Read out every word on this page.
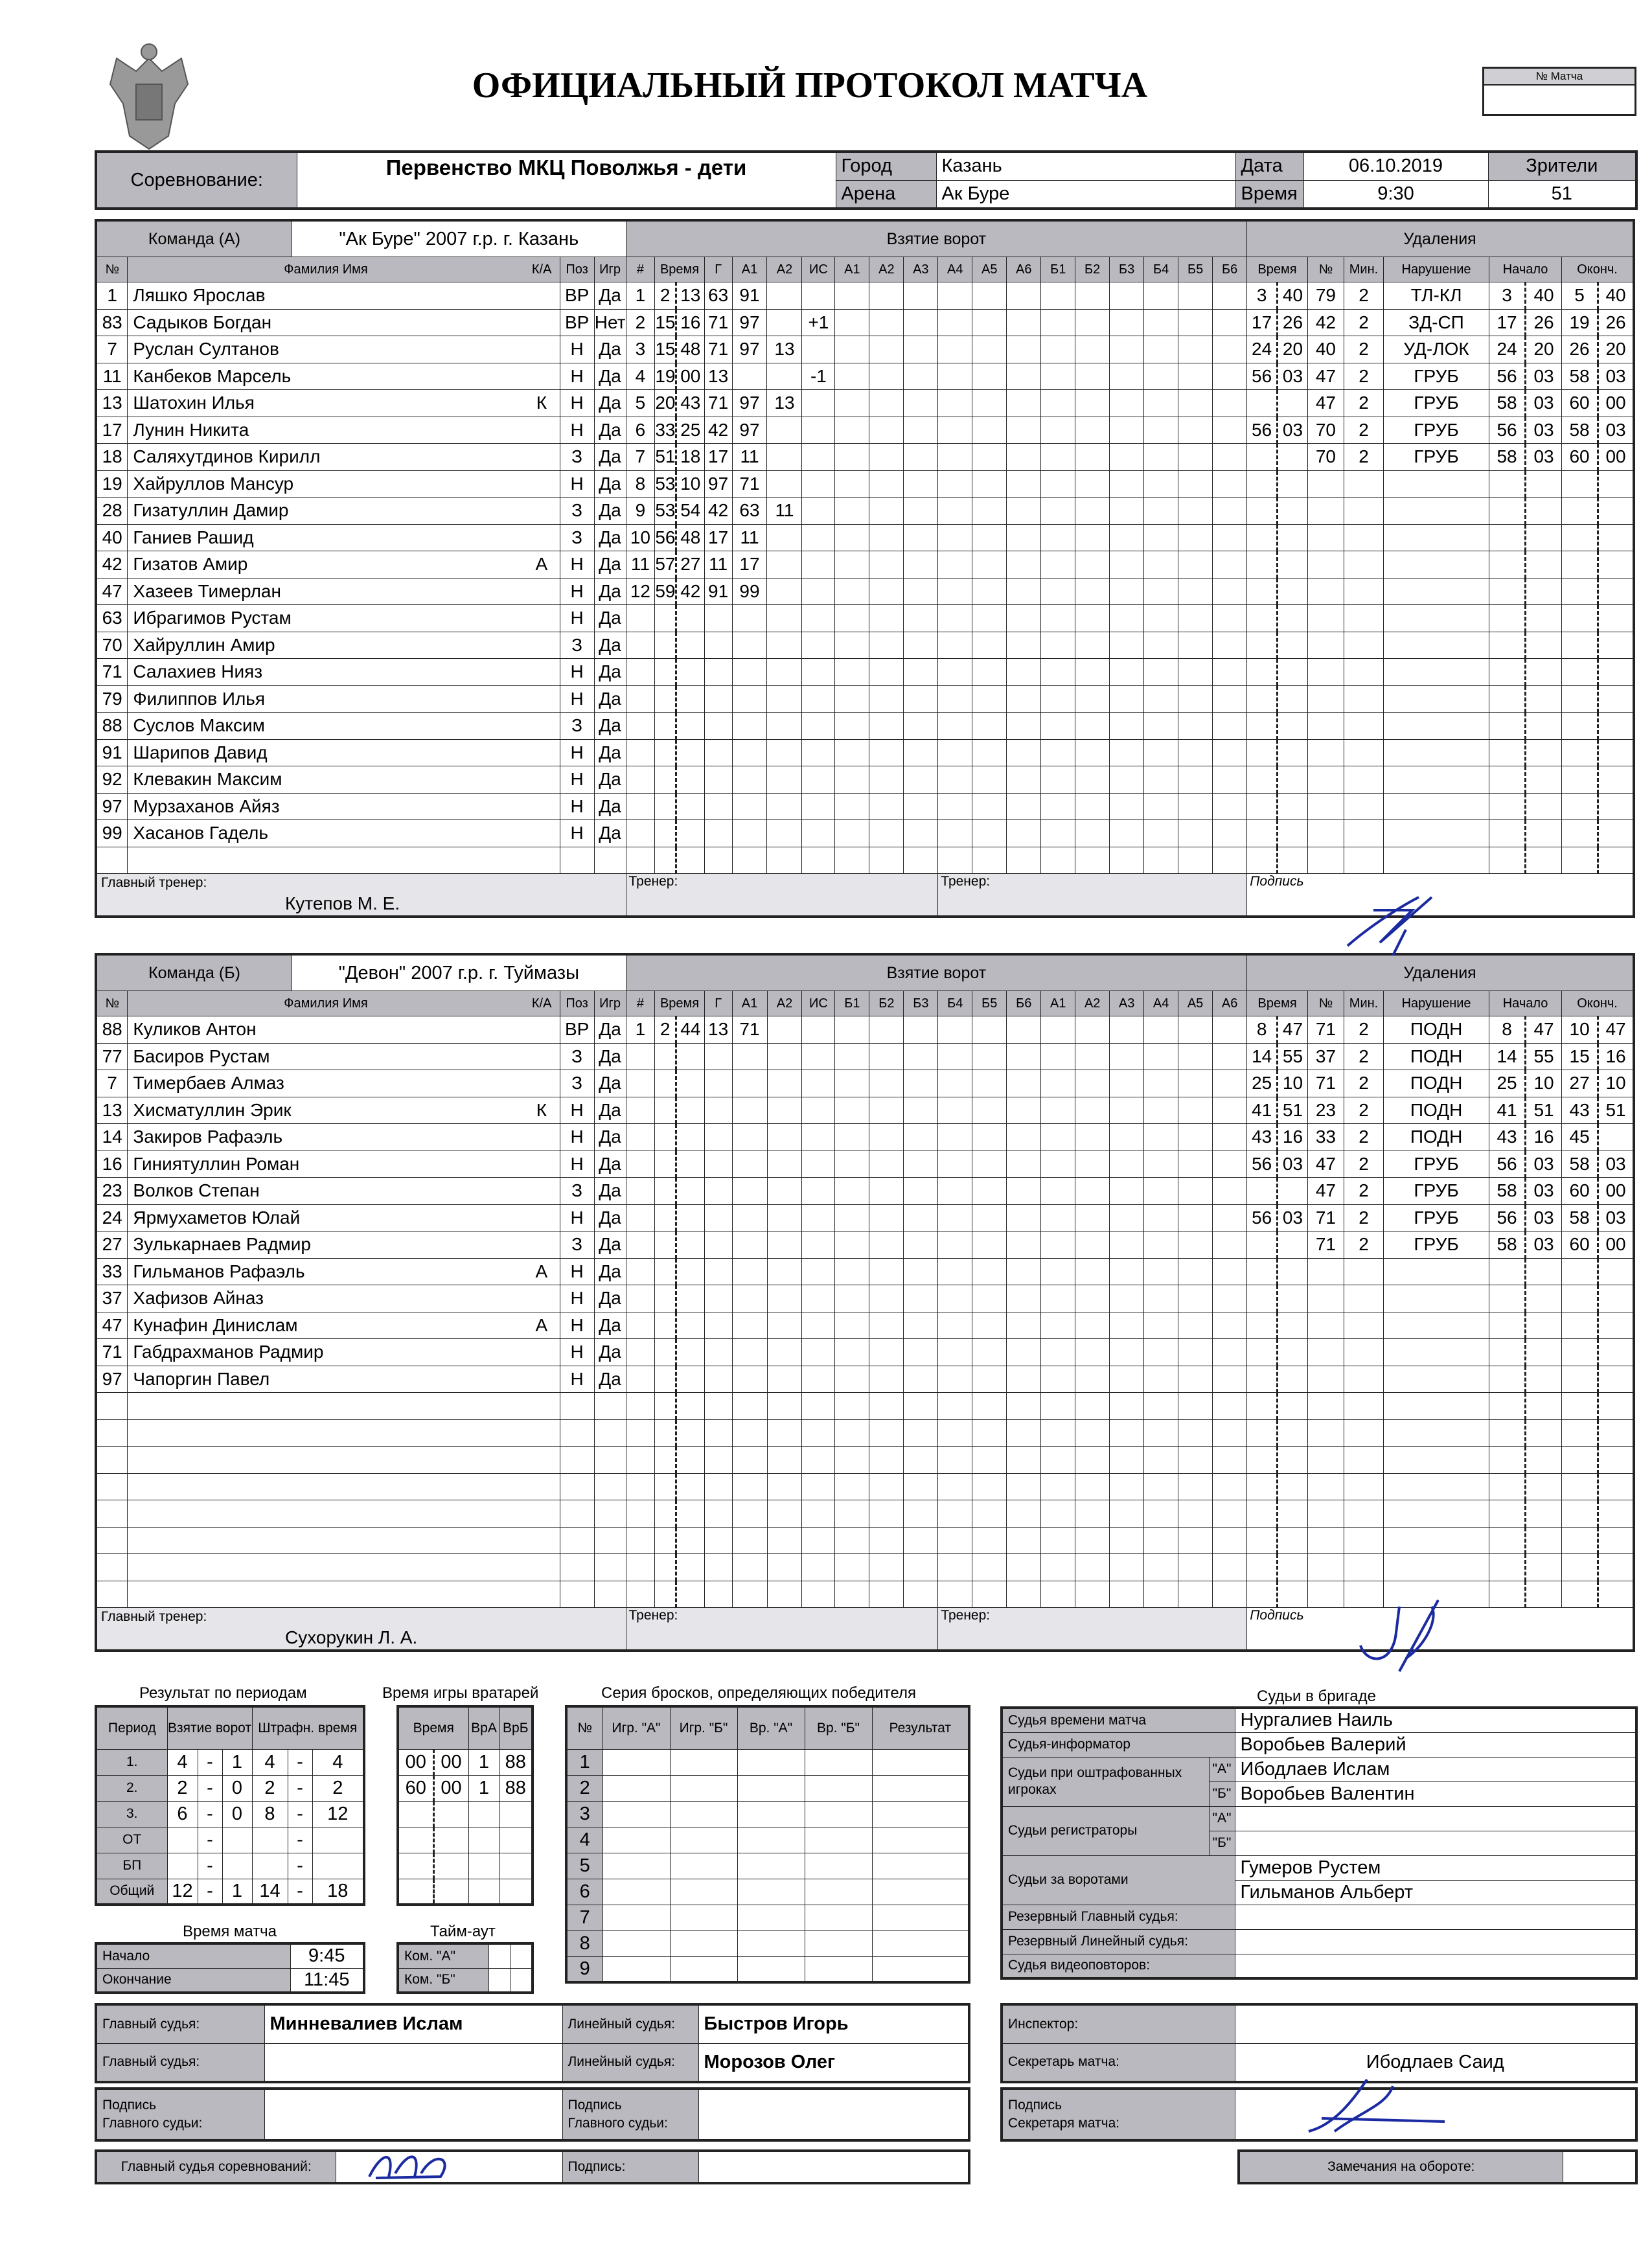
ОФИЦИАЛЬНЫЙ ПРОТОКОЛ МАТЧА	№ Матча
Соревнование:	Первенство МКЦ Поволжья - дети	Город	Казань	Дата	06.10.2019	Зрители
		Арена	Ак Буре	Время	9:30	51
Команда (А) "Ак Буре" 2007 г.р. г. Казань					Взятие ворот																			Удаления								
№	Фамилия Имя К/А		Поз	Игр	#	Время		Г	А1	А2	ИС	А1	А2	А3	А4	А5	А6	Б1	Б2	Б3	Б4	Б5	Б6	Время		№	Мин.	Нарушение	Начало		Оконч.	
1	Ляшко Ярослав		ВР	Да	1	2	13	63	91															3	40	79	2	ТЛ-КЛ	3	40	5	40
83	Садыков Богдан		ВР	Нет	2	15	16	71	97		+1													17	26	42	2	ЗД-СП	17	26	19	26
7	Руслан Султанов		Н	Да	3	15	48	71	97	13														24	20	40	2	УД-ЛОК	24	20	26	20
11	Канбеков Марсель		Н	Да	4	19	00	13			-1													56	03	47	2	ГРУБ	56	03	58	03
13	Шатохин Илья	К	Н	Да	5	20	43	71	97	13																47	2	ГРУБ	58	03	60	00
17	Лунин Никита		Н	Да	6	33	25	42	97															56	03	70	2	ГРУБ	56	03	58	03
18	Саляхутдинов Кирилл		З	Да	7	51	18	17	11																	70	2	ГРУБ	58	03	60	00
19	Хайруллов Мансур		Н	Да	8	53	10	97	71																							
28	Гизатуллин Дамир		З	Да	9	53	54	42	63	11																						
40	Ганиев Рашид		З	Да	10	56	48	17	11																							
42	Гизатов Амир	А	Н	Да	11	57	27	11	17																							
47	Хазеев Тимерлан		Н	Да	12	59	42	91	99																							
63	Ибрагимов Рустам		Н	Да																												
70	Хайруллин Амир		З	Да																												
71	Салахиев Нияз		Н	Да																												
79	Филиппов Илья		Н	Да																												
88	Суслов Максим		З	Да																												
91	Шарипов Давид		Н	Да																												
92	Клевакин Максим		Н	Да																												
97	Мурзаханов Айяз		Н	Да																												
99	Хасанов Гадель		Н	Да																												

Главный тренер:
Кутепов М. Е.					Тренер:										Тренер:									Подпись								
Команда (Б) "Девон" 2007 г.р. г. Туймазы					Взятие ворот																			Удаления								
№	Фамилия Имя К/А		Поз	Игр	#	Время		Г	А1	А2	ИС	Б1	Б2	Б3	Б4	Б5	Б6	А1	А2	А3	А4	А5	А6	Время		№	Мин.	Нарушение	Начало		Оконч.	
88	Куликов Антон		ВР	Да	1	2	44	13	71															8	47	71	2	ПОДН	8	47	10	47
77	Басиров Рустам		З	Да																				14	55	37	2	ПОДН	14	55	15	16
7	Тимербаев Алмаз		З	Да																				25	10	71	2	ПОДН	25	10	27	10
13	Хисматуллин Эрик	К	Н	Да																				41	51	23	2	ПОДН	41	51	43	51
14	Закиров Рафаэль		Н	Да																				43	16	33	2	ПОДН	43	16	45	
16	Гиниятуллин Роман		Н	Да																				56	03	47	2	ГРУБ	56	03	58	03
23	Волков Степан		З	Да																						47	2	ГРУБ	58	03	60	00
24	Ярмухаметов Юлай		Н	Да																				56	03	71	2	ГРУБ	56	03	58	03
27	Зулькарнаев Радмир		З	Да																						71	2	ГРУБ	58	03	60	00
33	Гильманов Рафаэль	А	Н	Да																												
37	Хафизов Айназ		Н	Да																												
47	Кунафин Динислам	А	Н	Да																												
71	Габдрахманов Радмир		Н	Да																												
97	Чапоргин Павел		Н	Да																												

Главный тренер:
Сухорукин Л. А.					Тренер:										Тренер:									Подпись								
Результат по периодам
Период	Взятие ворот			Штрафн. время		
1.	4	-	1	4	-	4
2.	2	-	0	2	-	2
3.	6	-	0	8	-	12
ОТ		-			-	
БП		-			-	
Общий	12	-	1	14	-	18
Время матча
Начало	9:45
Окончание	11:45
Время игры вратарей
Время		ВрА	ВрБ
00	00	1	88
60	00	1	88

Тайм-аут
Ком. "А"		
Ком. "Б"		
Серия бросков, определяющих победителя
№	Игр. "А"	Игр. "Б"	Вр. "А"	Вр. "Б"	Результат
1					
2					
3					
4					
5					
6					
7					
8					
9					
Судьи в бригаде
Судья времени матча		Нургалиев Наиль
Судья-информатор		Воробьев Валерий
Судьи при оштрафованных игроках	"А"	Ибодлаев Ислам
	"Б"	Воробьев Валентин
Судьи регистраторы	"А"	
	"Б"	
Судьи за воротами		Гумеров Рустем
		Гильманов Альберт
Резервный Главный судья:		
Резервный Линейный судья:		
Судья видеоповторов:		
Главный судья:	Минневалиев Ислам	Линейный судья:	Быстров Игорь
Главный судья:		Линейный судья:	Морозов Олег
Инспектор:	
Секретарь матча:	Ибодлаев Саид
Подпись
Главного судьи:		Подпись
Главного судьи:	
Подпись
Секретаря матча:	
Главный судья соревнований:		Подпись:		Замечания на обороте:	
